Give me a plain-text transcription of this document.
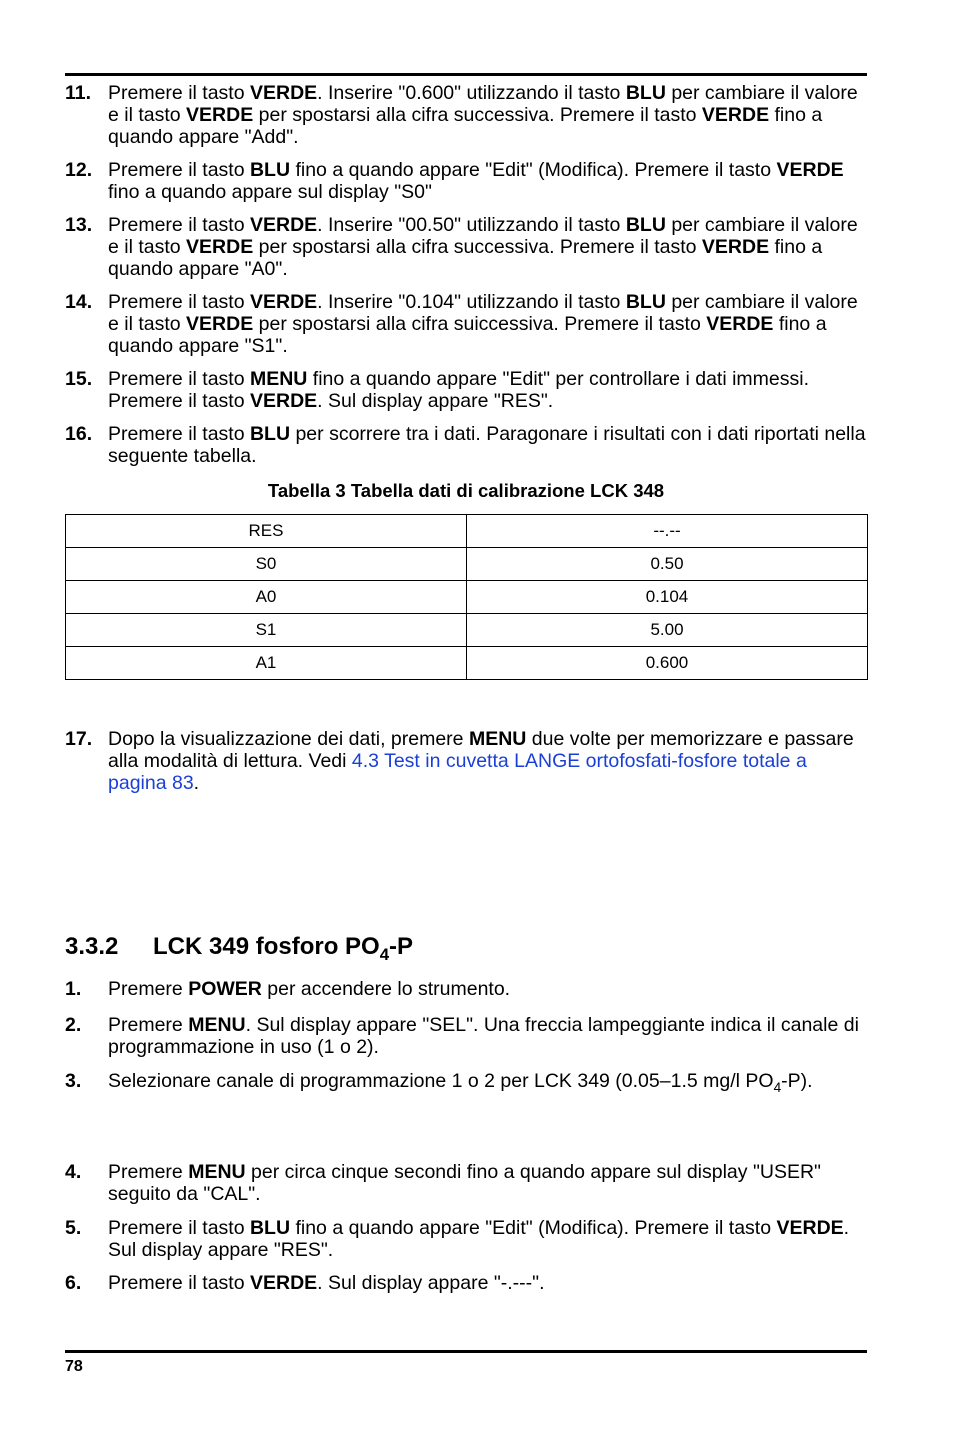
11. Premere il tasto VERDE. Inserire "0.600" utilizzando il tasto BLU per cambiare il valore e il tasto VERDE per spostarsi alla cifra successiva. Premere il tasto VERDE fino a quando appare "Add".
12. Premere il tasto BLU fino a quando appare "Edit" (Modifica). Premere il tasto VERDE fino a quando appare sul display "S0"
13. Premere il tasto VERDE. Inserire "00.50" utilizzando il tasto BLU per cambiare il valore e il tasto VERDE per spostarsi alla cifra successiva. Premere il tasto VERDE fino a quando appare "A0".
14. Premere il tasto VERDE. Inserire "0.104" utilizzando il tasto BLU per cambiare il valore e il tasto VERDE per spostarsi alla cifra suiccessiva. Premere il tasto VERDE fino a quando appare "S1".
15. Premere il tasto MENU fino a quando appare "Edit" per controllare i dati immessi. Premere il tasto VERDE. Sul display appare "RES".
16. Premere il tasto BLU per scorrere tra i dati. Paragonare i risultati con i dati riportati nella seguente tabella.
Tabella 3 Tabella dati di calibrazione LCK 348
RES	--.--
S0	0.50
A0	0.104
S1	5.00
A1	0.600
17. Dopo la visualizzazione dei dati, premere MENU due volte per memorizzare e passare alla modalità di lettura. Vedi 4.3 Test in cuvetta LANGE ortofosfati-fosfore totale a pagina 83.
3.3.2 LCK 349 fosforo $PO_4-P$
1.	Premere POWER per accendere lo strumento.
2.	Premere MENU. Sul display appare "SEL". Una freccia lampeggiante indica il canale di programmazione in uso (1 o 2).
3.	Selezionare canale di programmazione 1 o 2 per LCK 349 (0.05–1.5 mg/l $PO_4-P$).
4.	Premere MENU per circa cinque secondi fino a quando appare sul display "USER" seguito da "CAL".
5.	Premere il tasto BLU fino a quando appare "Edit" (Modifica). Premere il tasto VERDE. Sul display appare "RES".
6.	Premere il tasto VERDE. Sul display appare "-.---".
78
